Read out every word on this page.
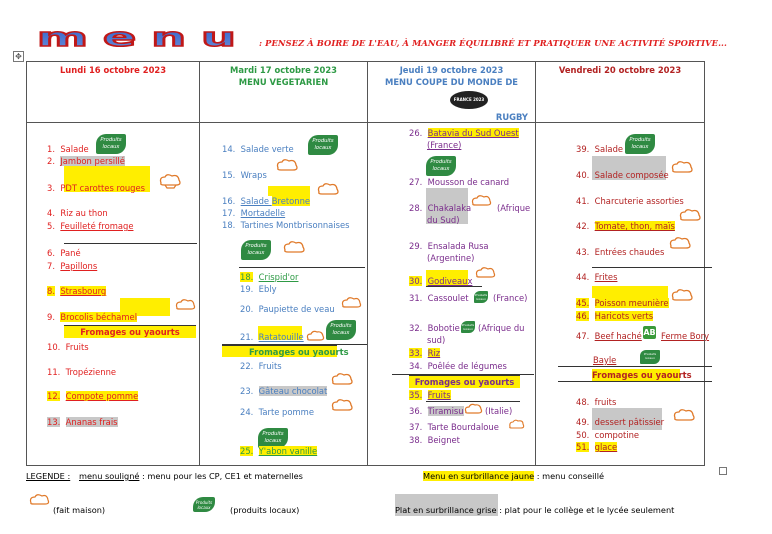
menu : PENSEZ À BOIRE DE L'EAU, À MANGER ÉQUILIBRÉ ET PRATIQUER UNE ACTIVITÉ SPORTIVE...
✥
Lundi 16 octobre 2023	Mardi 17 octobre 2023
MENU VEGETARIEN
Jeudi 19 octobre 2023
MENU COUPE DU MONDE DE
FRANCE 2023
RUGBY
Vendredi 20 octobre 2023
1. Salade
Produits locaux
2. Jambon persillé
3. PDT carottes rouges
4. Riz au thon
5. Feuilleté fromage
6. Pané
7. Papillons
8. Strasbourg
9. Brocolis béchamel
Fromages ou yaourts
10. Fruits
11. Tropézienne
12. Compote pomme
13. Ananas frais
14. Salade verte
Produits locaux
15. Wraps
16. Salade Bretonne
17. Mortadelle
18. Tartines Montbrisonnaises
Produits locaux
18. Crispid'or
19. Ebly
20. Paupiette de veau
Produits locaux
21. Ratatouille
Fromages ou yaourts
22. Fruits
23. Gâteau chocolat
24. Tarte pomme
Produits locaux
25. Y'abon vanille
26. Batavia du Sud Ouest
(France)
Produits locaux
27. Mousson de canard
28. Chakalaka	(Afrique
du Sud)
29. Ensalada Rusa
(Argentine)
30. Godiveaux
31. Cassoulet Produits locaux (France)
32. Bobotie Produits locaux (Afrique du
sud)
33. Riz
34. Poêlée de légumes
Fromages ou yaourts
35. Fruits
36. Tiramisu	(Italie)
37. Tarte Bourdaloue
38. Beignet
39. Salade
Produits locaux
40. Salade composée
41. Charcuterie assorties
42. Tomate, thon, maïs
43. Entrées chaudes
44. Frites
45. Poisson meunière
46. Haricots verts
47. Beef haché AB Ferme Bory
Bayle
Produits locaux
Fromages ou yaourts
48. fruits
49. dessert pâtissier
50. compotine
51. glace
LEGENDE : menu souligné : menu pour les CP, CE1 et maternelles	Menu en surbrillance jaune : menu conseillé
(fait maison)
Produits locaux	(produits locaux)	Plat en surbrillance grise : plat pour le collège et le lycée seulement
